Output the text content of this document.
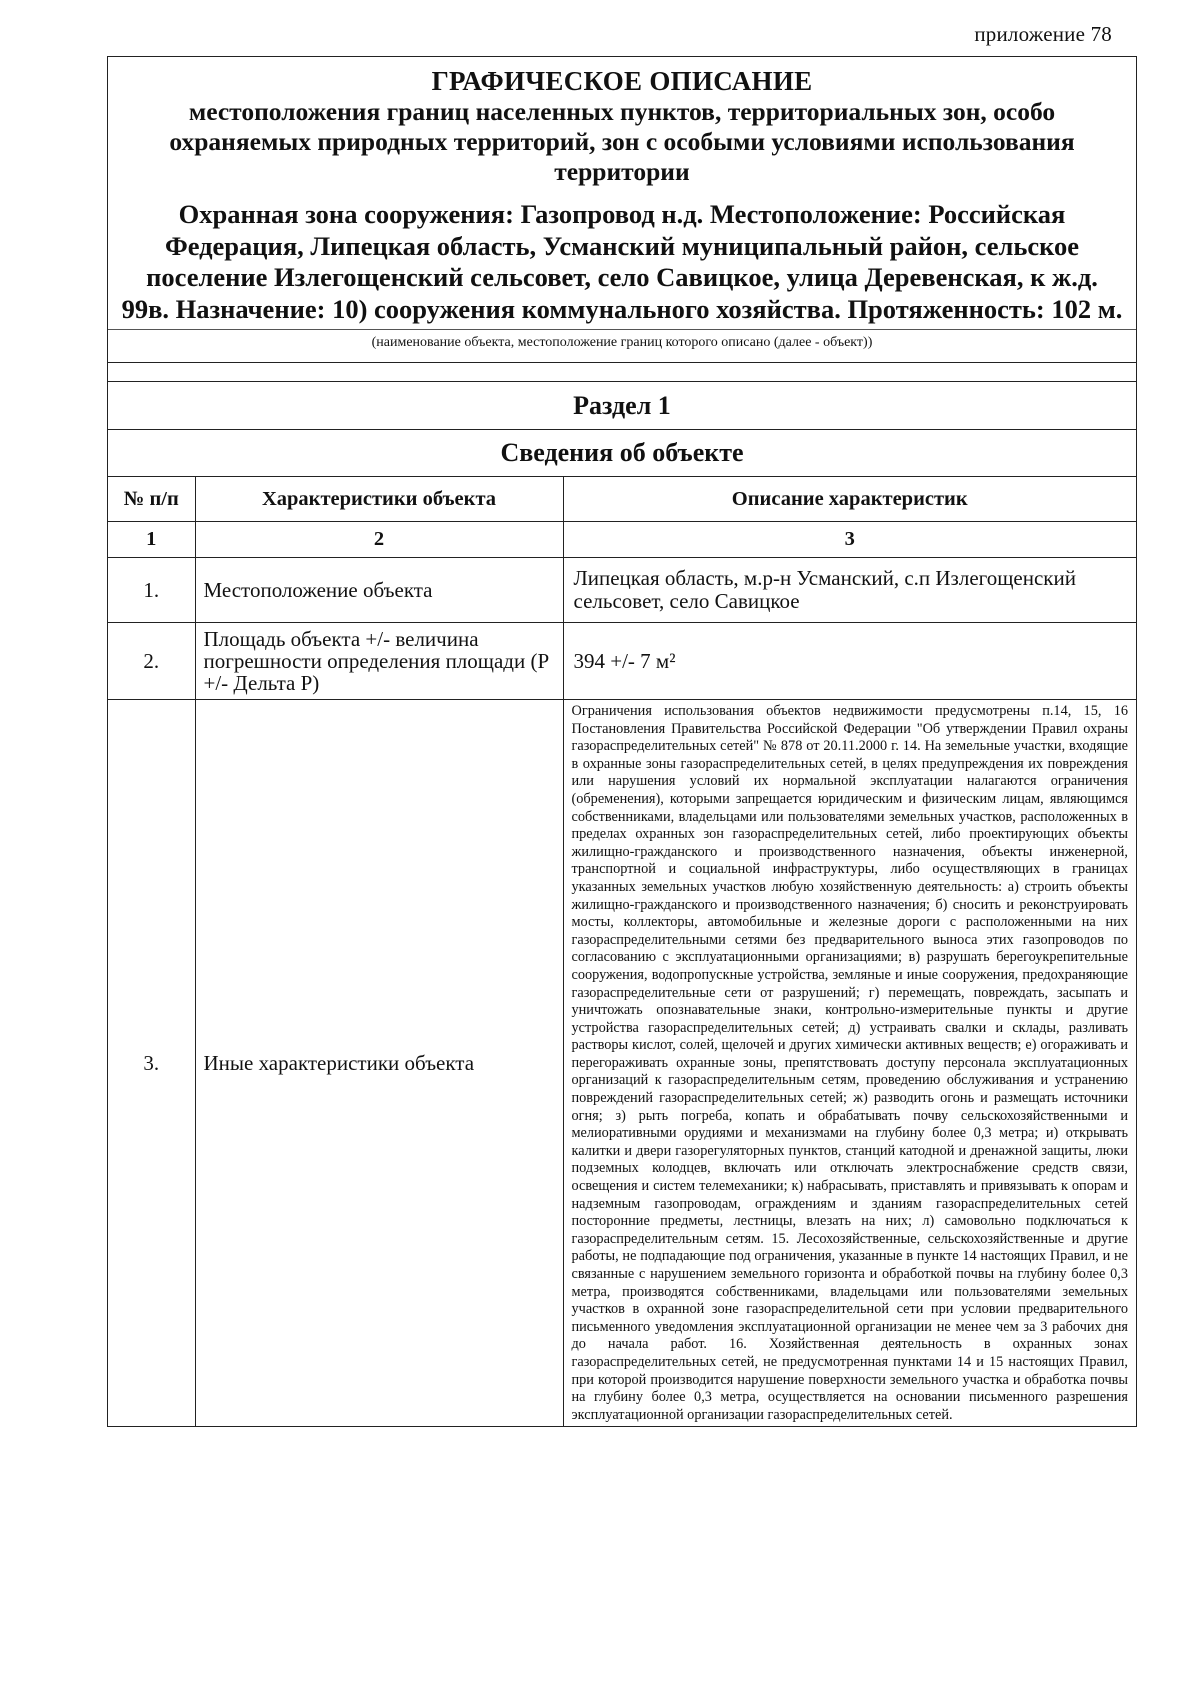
приложение 78
ГРАФИЧЕСКОЕ ОПИСАНИЕ
местоположения границ населенных пунктов, территориальных зон, особо охраняемых природных территорий, зон с особыми условиями использования территории
Охранная зона сооружения: Газопровод н.д. Местоположение: Российская Федерация, Липецкая область, Усманский муниципальный район, сельское поселение Излегощенский сельсовет, село Савицкое, улица Деревенская, к ж.д. 99в. Назначение: 10) сооружения коммунального хозяйства. Протяженность: 102 м.
(наименование объекта, местоположение границ которого описано (далее - объект))
Раздел 1
Сведения об объекте
№ п/п	Характеристики объекта	Описание характеристик
1	2	3
1.	Местоположение объекта	Липецкая область, м.р-н Усманский, с.п Излегощенский сельсовет, село Савицкое
2.	Площадь объекта +/- величина погрешности определения площади (Р +/- Дельта Р)	394 +/- 7 м²
3.	Иные характеристики объекта	Ограничения использования объектов недвижимости предусмотрены п.14, 15, 16 Постановления Правительства Российской Федерации "Об утверждении Правил охраны газораспределительных сетей" № 878 от 20.11.2000 г. 14. На земельные участки, входящие в охранные зоны газораспределительных сетей, в целях предупреждения их повреждения или нарушения условий их нормальной эксплуатации налагаются ограничения (обременения), которыми запрещается юридическим и физическим лицам, являющимся собственниками, владельцами или пользователями земельных участков, расположенных в пределах охранных зон газораспределительных сетей, либо проектирующих объекты жилищно-гражданского и производственного назначения, объекты инженерной, транспортной и социальной инфраструктуры, либо осуществляющих в границах указанных земельных участков любую хозяйственную деятельность: а) строить объекты жилищно-гражданского и производственного назначения; б) сносить и реконструировать мосты, коллекторы, автомобильные и железные дороги с расположенными на них газораспределительными сетями без предварительного выноса этих газопроводов по согласованию с эксплуатационными организациями; в) разрушать берегоукрепительные сооружения, водопропускные устройства, земляные и иные сооружения, предохраняющие газораспределительные сети от разрушений; г) перемещать, повреждать, засыпать и уничтожать опознавательные знаки, контрольно-измерительные пункты и другие устройства газораспределительных сетей; д) устраивать свалки и склады, разливать растворы кислот, солей, щелочей и других химически активных веществ; е) огораживать и перегораживать охранные зоны, препятствовать доступу персонала эксплуатационных организаций к газораспределительным сетям, проведению обслуживания и устранению повреждений газораспределительных сетей; ж) разводить огонь и размещать источники огня; з) рыть погреба, копать и обрабатывать почву сельскохозяйственными и мелиоративными орудиями и механизмами на глубину более 0,3 метра; и) открывать калитки и двери газорегуляторных пунктов, станций катодной и дренажной защиты, люки подземных колодцев, включать или отключать электроснабжение средств связи, освещения и систем телемеханики; к) набрасывать, приставлять и привязывать к опорам и надземным газопроводам, ограждениям и зданиям газораспределительных сетей посторонние предметы, лестницы, влезать на них; л) самовольно подключаться к газораспределительным сетям. 15. Лесохозяйственные, сельскохозяйственные и другие работы, не подпадающие под ограничения, указанные в пункте 14 настоящих Правил, и не связанные с нарушением земельного горизонта и обработкой почвы на глубину более 0,3 метра, производятся собственниками, владельцами или пользователями земельных участков в охранной зоне газораспределительной сети при условии предварительного письменного уведомления эксплуатационной организации не менее чем за 3 рабочих дня до начала работ. 16. Хозяйственная деятельность в охранных зонах газораспределительных сетей, не предусмотренная пунктами 14 и 15 настоящих Правил, при которой производится нарушение поверхности земельного участка и обработка почвы на глубину более 0,3 метра, осуществляется на основании письменного разрешения эксплуатационной организации газораспределительных сетей.
